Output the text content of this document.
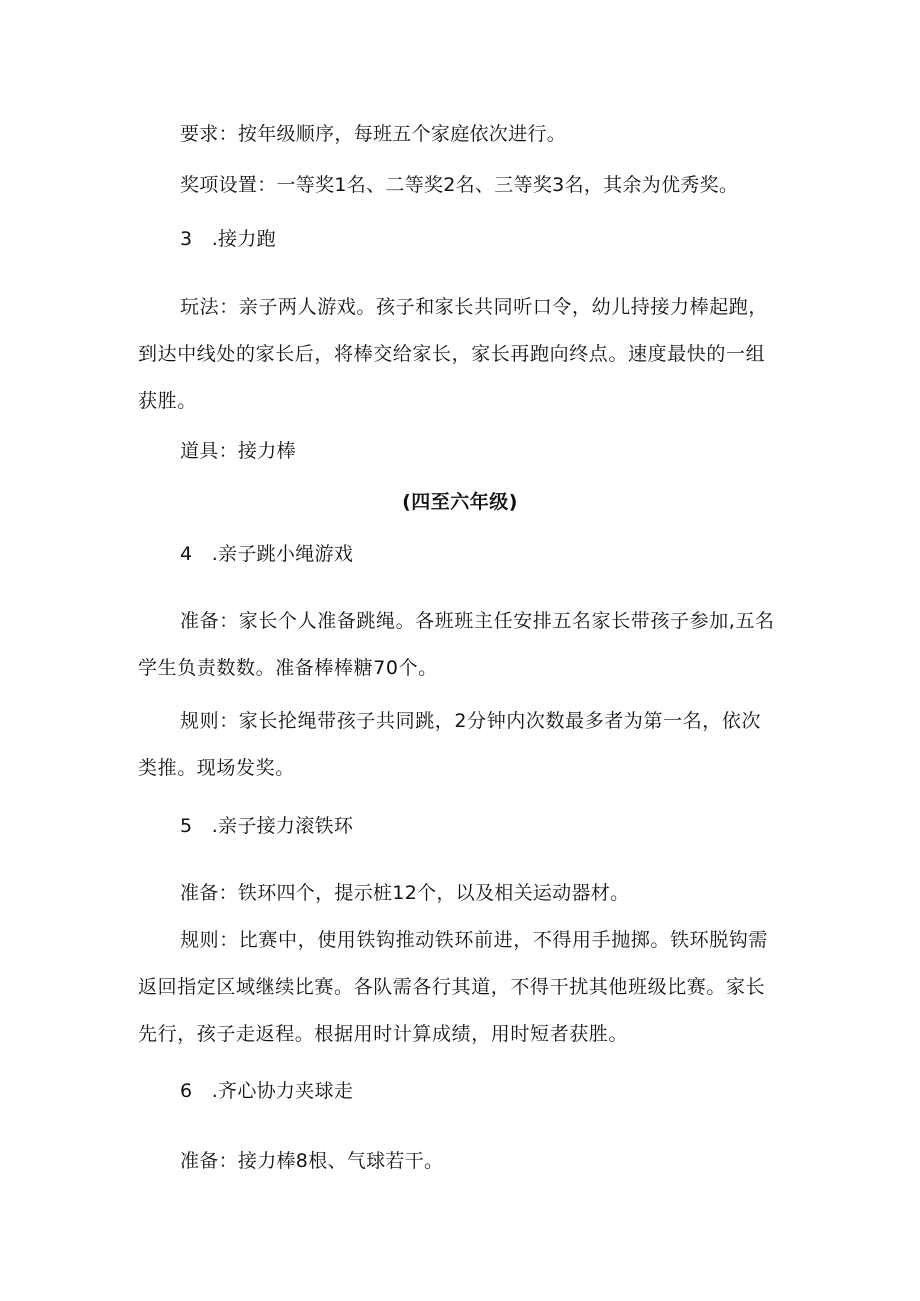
要求：按年级顺序，每班五个家庭依次进行。
奖项设置：一等奖1名、二等奖2名、三等奖3名，其余为优秀奖。
3　.接力跑
玩法：亲子两人游戏。孩子和家长共同听口令，幼儿持接力棒起跑，到达中线处的家长后，将棒交给家长，家长再跑向终点。速度最快的一组获胜。
道具：接力棒
(四至六年级)
4　.亲子跳小绳游戏
准备：家长个人准备跳绳。各班班主任安排五名家长带孩子参加,五名学生负责数数。准备棒棒糖70个。
规则：家长抡绳带孩子共同跳，2分钟内次数最多者为第一名，依次类推。现场发奖。
5　.亲子接力滚铁环
准备：铁环四个，提示桩12个，以及相关运动器材。
规则：比赛中，使用铁钩推动铁环前进，不得用手抛掷。铁环脱钩需返回指定区域继续比赛。各队需各行其道，不得干扰其他班级比赛。家长先行，孩子走返程。根据用时计算成绩，用时短者获胜。
6　.齐心协力夹球走
准备：接力棒8根、气球若干。
